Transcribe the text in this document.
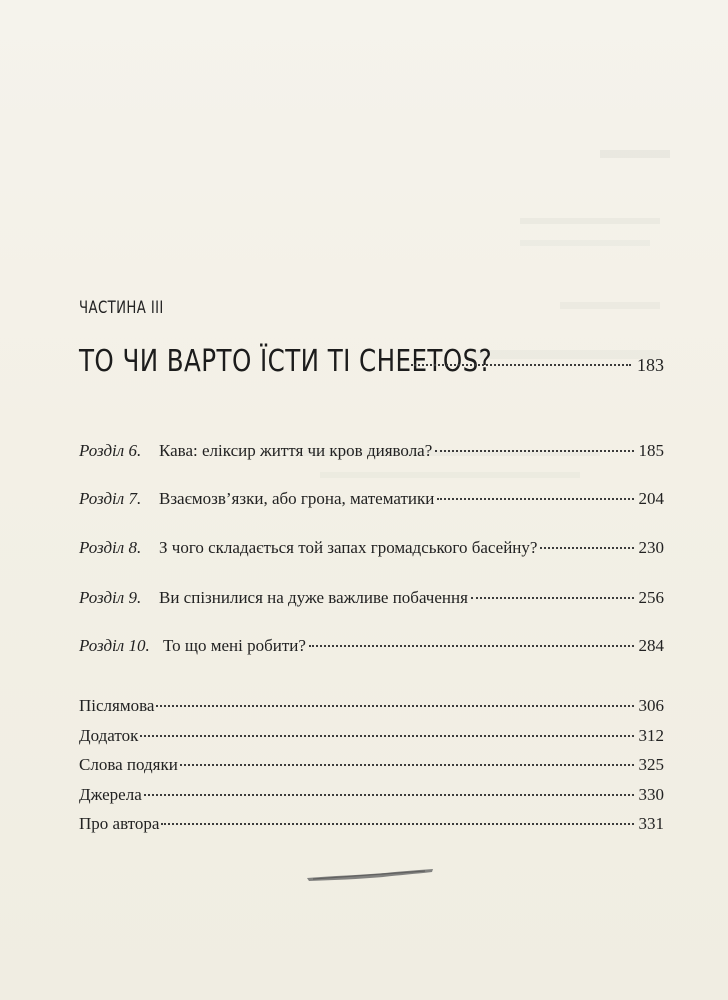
ЧАСТИНА III
ТО ЧИ ВАРТО ЇСТИ ТІ CHEETOS?	183
Розділ 6.	Кава: еліксир життя чи кров диявола?	185
Розділ 7.	Взаємозв’язки, або грона, математики	204
Розділ 8.	З чого складається той запах громадського басейну?	230
Розділ 9.	Ви спізнилися на дуже важливе побачення	256
Розділ 10. То що мені робити?	284
Післямова	306
Додаток	312
Слова подяки	325
Джерела	330
Про автора	331
